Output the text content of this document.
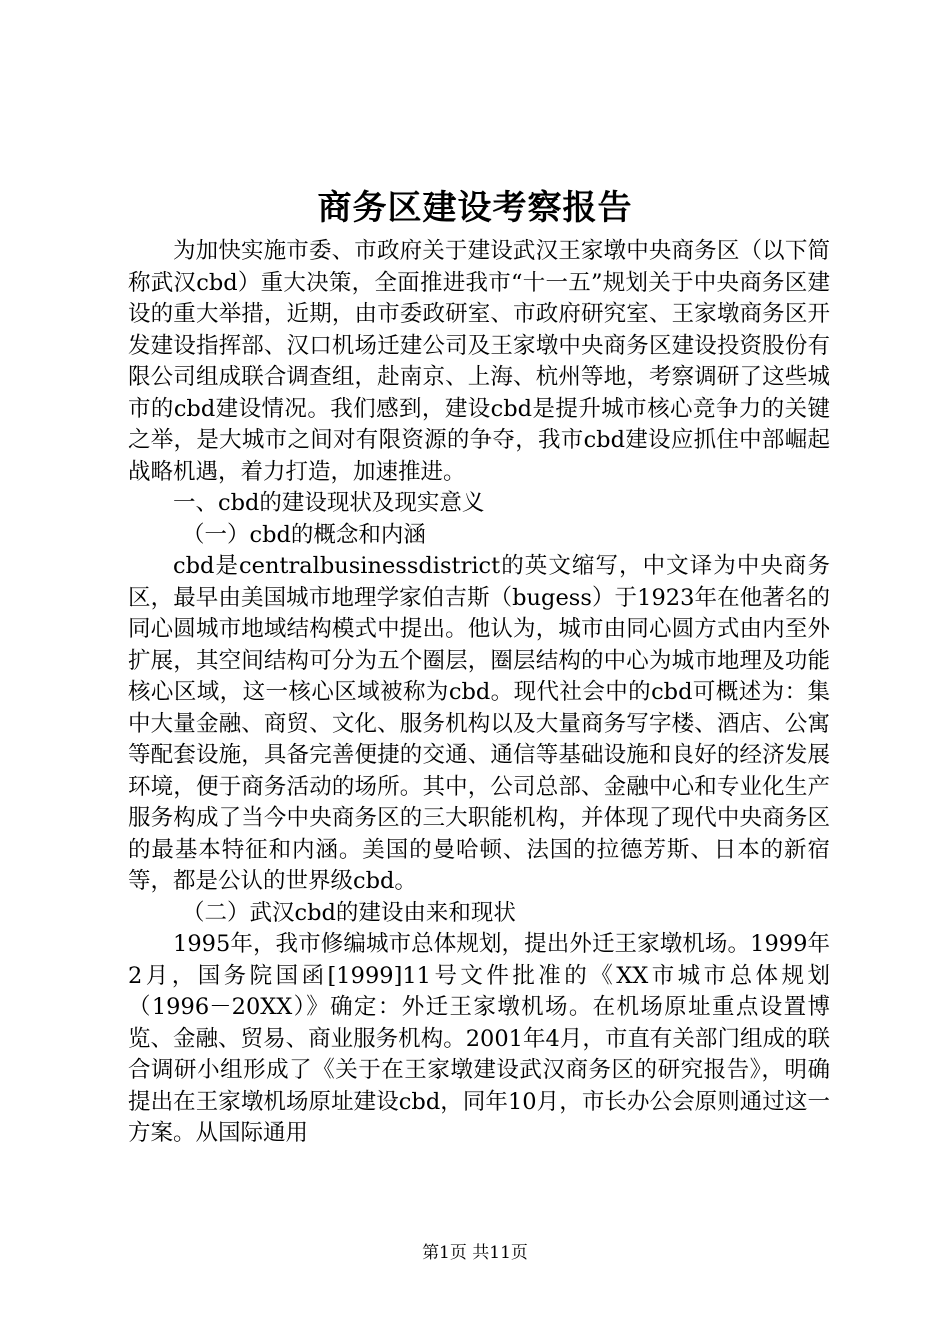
商务区建设考察报告

为加快实施市委、市政府关于建设武汉王家墩中央商务区（以下简称武汉cbd）重大决策，全面推进我市“十一五”规划关于中央商务区建设的重大举措，近期，由市委政研室、市政府研究室、王家墩商务区开发建设指挥部、汉口机场迁建公司及王家墩中央商务区建设投资股份有限公司组成联合调查组，赴南京、上海、杭州等地，考察调研了这些城市的cbd建设情况。我们感到，建设cbd是提升城市核心竞争力的关键之举，是大城市之间对有限资源的争夺，我市cbd建设应抓住中部崛起战略机遇，着力打造，加速推进。

一、cbd的建设现状及现实意义

（一）cbd的概念和内涵

cbd是centralbusinessdistrict的英文缩写，中文译为中央商务区，最早由美国城市地理学家伯吉斯（bugess）于1923年在他著名的同心圆城市地域结构模式中提出。他认为，城市由同心圆方式由内至外扩展，其空间结构可分为五个圈层，圈层结构的中心为城市地理及功能核心区域，这一核心区域被称为cbd。现代社会中的cbd可概述为：集中大量金融、商贸、文化、服务机构以及大量商务写字楼、酒店、公寓等配套设施，具备完善便捷的交通、通信等基础设施和良好的经济发展环境，便于商务活动的场所。其中，公司总部、金融中心和专业化生产服务构成了当今中央商务区的三大职能机构，并体现了现代中央商务区的最基本特征和内涵。美国的曼哈顿、法国的拉德芳斯、日本的新宿等，都是公认的世界级cbd。

（二）武汉cbd的建设由来和现状

1995年，我市修编城市总体规划，提出外迁王家墩机场。1999年2月，国务院国函[1999]11号文件批准的《XX市城市总体规划（1996－20XX）》确定：外迁王家墩机场。在机场原址重点设置博览、金融、贸易、商业服务机构。2001年4月，市直有关部门组成的联合调研小组形成了《关于在王家墩建设武汉商务区的研究报告》，明确提出在王家墩机场原址建设cbd，同年10月，市长办公会原则通过这一方案。从国际通用

第1页 共11页
